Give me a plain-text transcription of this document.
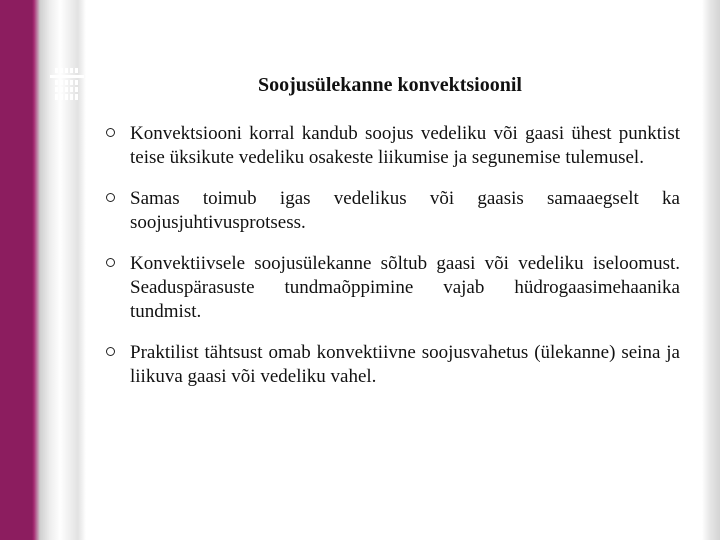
Soojusülekanne konvektsioonil
Konvektsiooni korral kandub soojus vedeliku või gaasi ühest punktist teise üksikute vedeliku osakeste liikumise ja segunemise tulemusel.
Samas toimub igas vedelikus või gaasis samaaegselt ka soojusjuhtivusprotsess.
Konvektiivsele soojusülekanne sõltub gaasi või vedeliku iseloomust. Seaduspärasuste tundmaõppimine vajab hüdrogaasimehaanika tundmist.
Praktilist tähtsust omab konvektiivne soojusvahetus (ülekanne) seina ja liikuva gaasi või vedeliku vahel.
